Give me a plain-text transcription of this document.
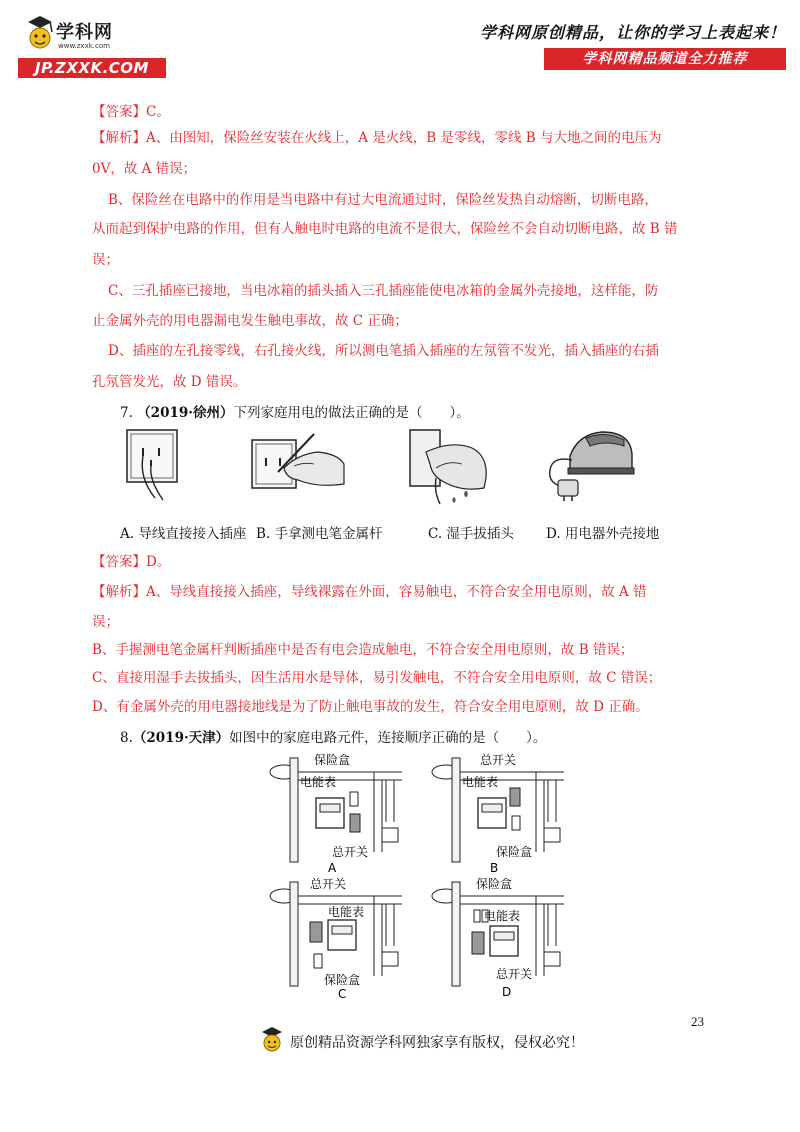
学科网
www.zxxk.com
JP.ZXXK.COM
学科网原创精品，让你的学习上表起来！
学科网精品频道全力推荐
【答案】C。
【解析】A、由图知，保险丝安装在火线上，A 是火线，B 是零线，零线 B 与大地之间的电压为
0V，故 A 错误；
B、保险丝在电路中的作用是当电路中有过大电流通过时，保险丝发热自动熔断，切断电路，
从而起到保护电路的作用，但有人触电时电路的电流不是很大，保险丝不会自动切断电路，故 B 错
误；
C、三孔插座已接地，当电冰箱的插头插入三孔插座能使电冰箱的金属外壳接地，这样能，防
止金属外壳的用电器漏电发生触电事故，故 C 正确；
D、插座的左孔接零线，右孔接火线，所以测电笔插入插座的左氖管不发光，插入插座的右插
孔氖管发光，故 D 错误。
7. （2019·徐州）下列家庭用电的做法正确的是（　　）。
A. 导线直接接入插座 B. 手拿测电笔金属杆	C. 湿手拔插头 D. 用电器外壳接地
【答案】D。
【解析】A、导线直接接入插座，导线裸露在外面，容易触电，不符合安全用电原则，故 A 错
误；
B、手握测电笔金属杆判断插座中是否有电会造成触电，不符合安全用电原则，故 B 错误；
C、直接用湿手去拔插头，因生活用水是导体，易引发触电，不符合安全用电原则，故 C 错误；
D、有金属外壳的用电器接地线是为了防止触电事故的发生，符合安全用电原则，故 D 正确。
8.（2019·天津）如图中的家庭电路元件，连接顺序正确的是（　　）。
保险盒
电能表
总开关
A
总开关
电能表
保险盒
B
总开关
电能表
保险盒
C
保险盒
电能表
总开关
D
23
原创精品资源学科网独家享有版权，侵权必究！
